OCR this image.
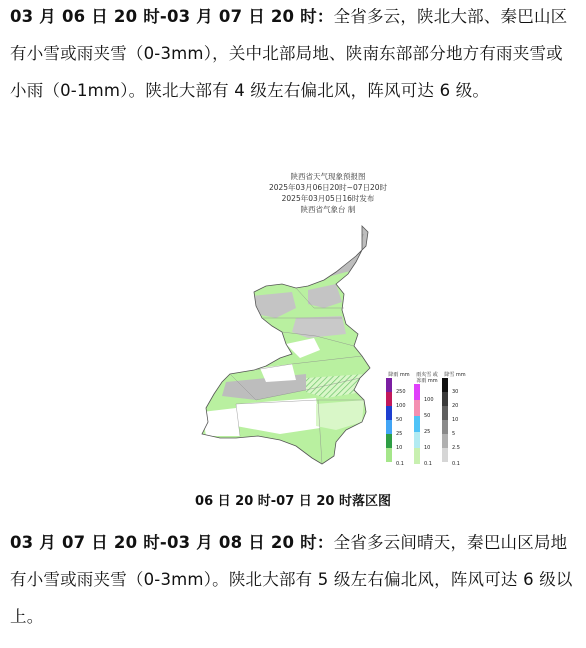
03 月 06 日 20 时-03 月 07 日 20 时：全省多云，陕北大部、秦巴山区有小雪或雨夹雪（0-3mm），关中北部局地、陕南东部部分地方有雨夹雪或小雨（0-1mm）。陕北大部有 4 级左右偏北风，阵风可达 6 级。

陕西省天气现象预报图
2025年03月06日20时~07日20时
2025年03月05日16时发布
陕西省气象台 制
降雨 mm
250
100
50
25
10
0.1
雨夹雪 或冻雨 mm
100
50
25
10
0.1
降雪 mm
30
20
10
5
2.5
0.1
06 日 20 时-07 日 20 时落区图

03 月 07 日 20 时-03 月 08 日 20 时：全省多云间晴天，秦巴山区局地有小雪或雨夹雪（0-3mm）。陕北大部有 5 级左右偏北风，阵风可达 6 级以上。
